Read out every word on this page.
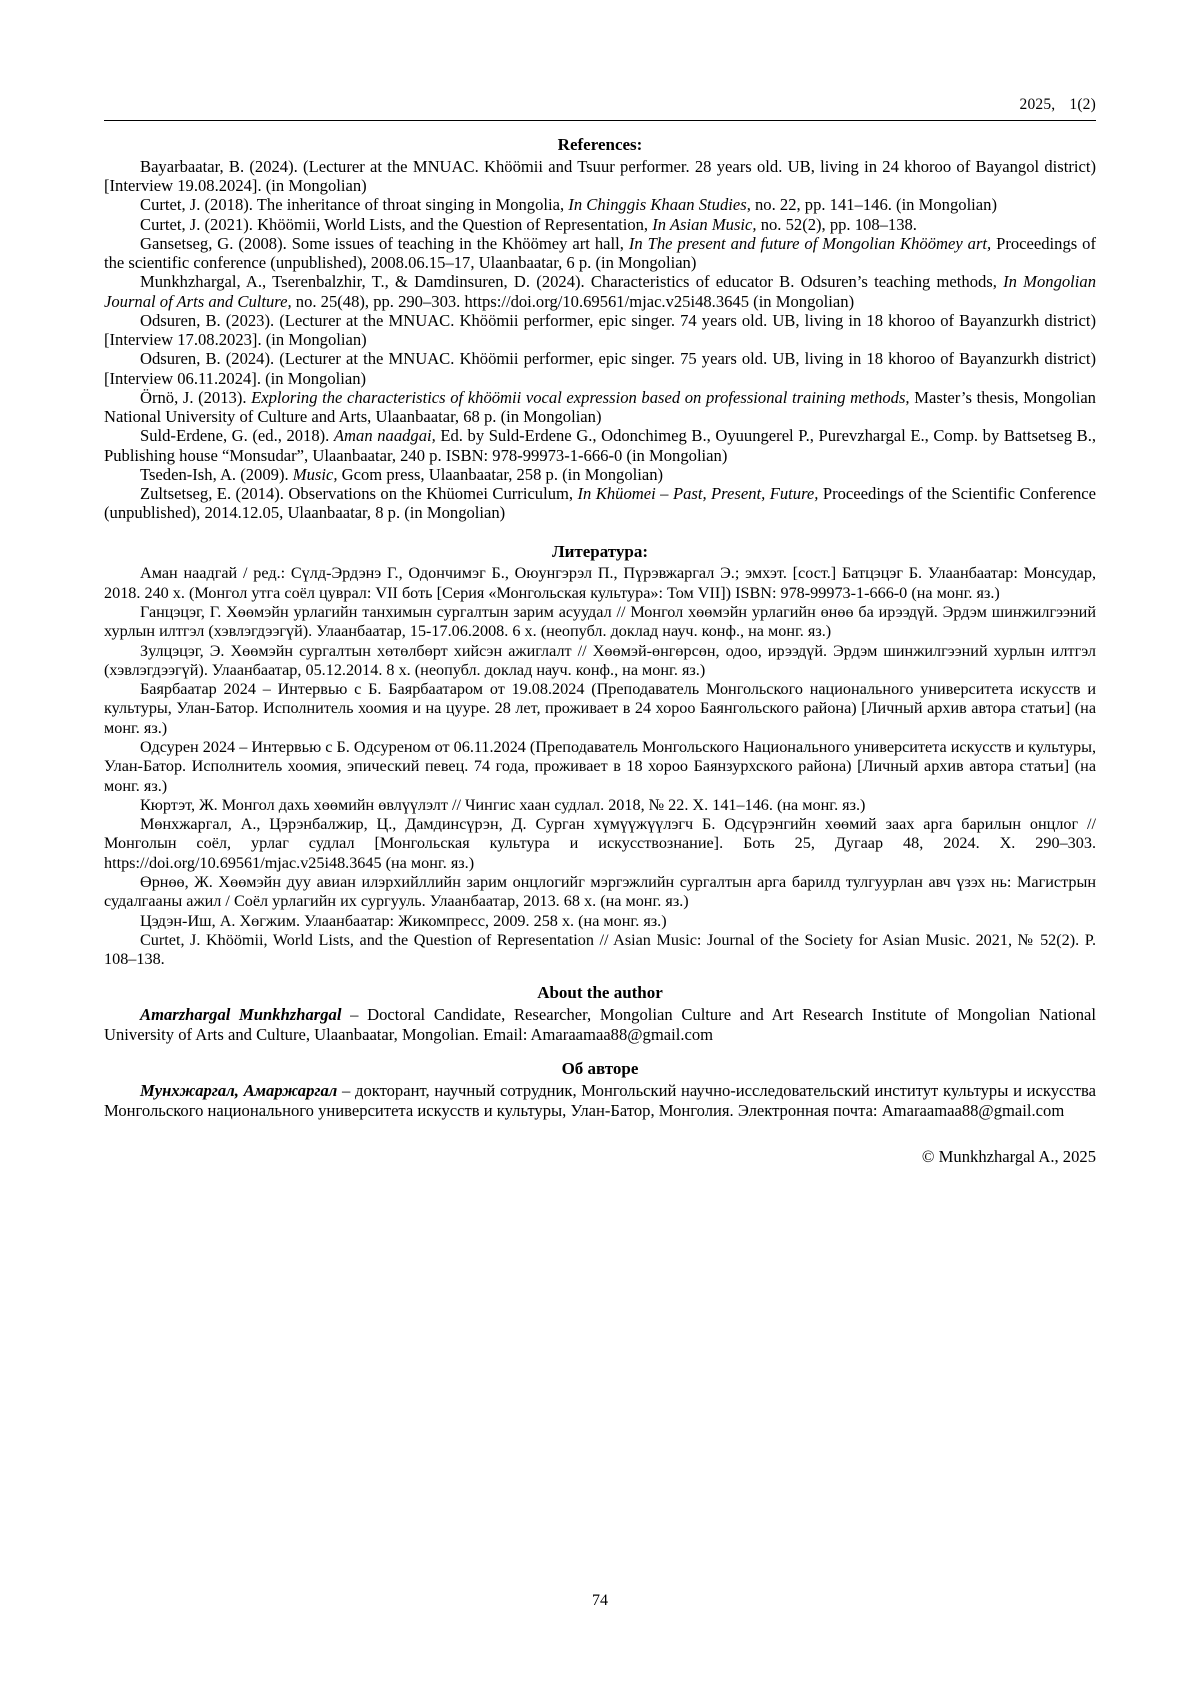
2025, 1(2)
References:

Bayarbaatar, B. (2024). (Lecturer at the MNUAC. Khöömii and Tsuur performer. 28 years old. UB, living in 24 khoroo of Bayangol district) [Interview 19.08.2024]. (in Mongolian)

Curtet, J. (2018). The inheritance of throat singing in Mongolia, In Chinggis Khaan Studies, no. 22, pp. 141–146. (in Mongolian)

Curtet, J. (2021). Khöömii, World Lists, and the Question of Representation, In Asian Music, no. 52(2), pp. 108–138.

Gansetseg, G. (2008). Some issues of teaching in the Khöömey art hall, In The present and future of Mongolian Khöömey art, Proceedings of the scientific conference (unpublished), 2008.06.15–17, Ulaanbaatar, 6 p. (in Mongolian)

Munkhzhargal, A., Tserenbalzhir, T., & Damdinsuren, D. (2024). Characteristics of educator B. Odsuren’s teaching methods, In Mongolian Journal of Arts and Culture, no. 25(48), pp. 290–303. https://doi.org/10.69561/mjac.v25i48.3645 (in Mongolian)

Odsuren, B. (2023). (Lecturer at the MNUAC. Khöömii performer, epic singer. 74 years old. UB, living in 18 khoroo of Bayanzurkh district) [Interview 17.08.2023]. (in Mongolian)

Odsuren, B. (2024). (Lecturer at the MNUAC. Khöömii performer, epic singer. 75 years old. UB, living in 18 khoroo of Bayanzurkh district) [Interview 06.11.2024]. (in Mongolian)

Örnö, J. (2013). Exploring the characteristics of khöömii vocal expression based on professional training methods, Master’s thesis, Mongolian National University of Culture and Arts, Ulaanbaatar, 68 p. (in Mongolian)

Suld-Erdene, G. (ed., 2018). Aman naadgai, Ed. by Suld-Erdene G., Odonchimeg B., Oyuungerel P., Purevzhargal E., Comp. by Battsetseg B., Publishing house “Monsudar”, Ulaanbaatar, 240 p. ISBN: 978-99973-1-666-0 (in Mongolian)

Tseden-Ish, A. (2009). Music, Gcom press, Ulaanbaatar, 258 p. (in Mongolian)

Zultsetseg, E. (2014). Observations on the Khüomei Curriculum, In Khüomei – Past, Present, Future, Proceedings of the Scientific Conference (unpublished), 2014.12.05, Ulaanbaatar, 8 p. (in Mongolian)

Литература:

Аман наадгай / ред.: Сүлд-Эрдэнэ Г., Одончимэг Б., Оюунгэрэл П., Пүрэвжаргал Э.; эмхэт. [сост.] Батцэцэг Б. Улаанбаатар: Монсудар, 2018. 240 х. (Монгол утга соёл цуврал: VII боть [Серия «Монгольская культура»: Том VII]) ISBN: 978-99973-1-666-0 (на монг. яз.)

Ганцэцэг, Г. Хөөмэйн урлагийн танхимын сургалтын зарим асуудал // Монгол хөөмэйн урлагийн өнөө ба ирээдүй. Эрдэм шинжилгээний хурлын илтгэл (хэвлэгдээгүй). Улаанбаатар, 15-17.06.2008. 6 х. (неопубл. доклад науч. конф., на монг. яз.)

Зулцэцэг, Э. Хөөмэйн сургалтын хөтөлбөрт хийсэн ажиглалт // Хөөмэй-өнгөрсөн, одоо, ирээдүй. Эрдэм шинжилгээний хурлын илтгэл (хэвлэгдээгүй). Улаанбаатар, 05.12.2014. 8 х. (неопубл. доклад науч. конф., на монг. яз.)

Баярбаатар 2024 – Интервью с Б. Баярбаатаром от 19.08.2024 (Преподаватель Монгольского национального университета искусств и культуры, Улан-Батор. Исполнитель хоомия и на цууре. 28 лет, проживает в 24 хороо Баянгольского района) [Личный архив автора статьи] (на монг. яз.)

Одсурен 2024 – Интервью с Б. Одсуреном от 06.11.2024 (Преподаватель Монгольского Национального университета искусств и культуры, Улан-Батор. Исполнитель хоомия, эпический певец. 74 года, проживает в 18 хороо Баянзурхского района) [Личный архив автора статьи] (на монг. яз.)

Кюртэт, Ж. Монгол дахь хөөмийн өвлүүлэлт // Чингис хаан судлал. 2018, № 22. Х. 141–146. (на монг. яз.)

Мөнхжаргал, А., Цэрэнбалжир, Ц., Дамдинсүрэн, Д. Сурган хүмүүжүүлэгч Б. Одсүрэнгийн хөөмий заах арга барилын онцлог // Монголын соёл, урлаг судлал [Монгольская культура и искусствознание]. Боть 25, Дугаар 48, 2024. Х. 290–303. https://doi.org/10.69561/mjac.v25i48.3645 (на монг. яз.)

Өрнөө, Ж. Хөөмэйн дуу авиан илэрхийллийн зарим онцлогийг мэргэжлийн сургалтын арга барилд тулгуурлан авч үзэх нь: Магистрын судалгааны ажил / Соёл урлагийн их сургууль. Улаанбаатар, 2013. 68 х. (на монг. яз.)

Цэдэн-Иш, А. Хөгжим. Улаанбаатар: Жикомпресс, 2009. 258 х. (на монг. яз.)

Curtet, J. Khöömii, World Lists, and the Question of Representation // Asian Music: Journal of the Society for Asian Music. 2021, № 52(2). P. 108–138.

About the author

Amarzhargal Munkhzhargal – Doctoral Candidate, Researcher, Mongolian Culture and Art Research Institute of Mongolian National University of Arts and Culture, Ulaanbaatar, Mongolian. Email: Amaraamaa88@gmail.com

Об авторе

Мунхжаргал, Амаржаргал – докторант, научный сотрудник, Монгольский научно-исследовательский институт культуры и искусства Монгольского национального университета искусств и культуры, Улан-Батор, Монголия. Электронная почта: Amaraamaa88@gmail.com

© Munkhzhargal A., 2025
74
